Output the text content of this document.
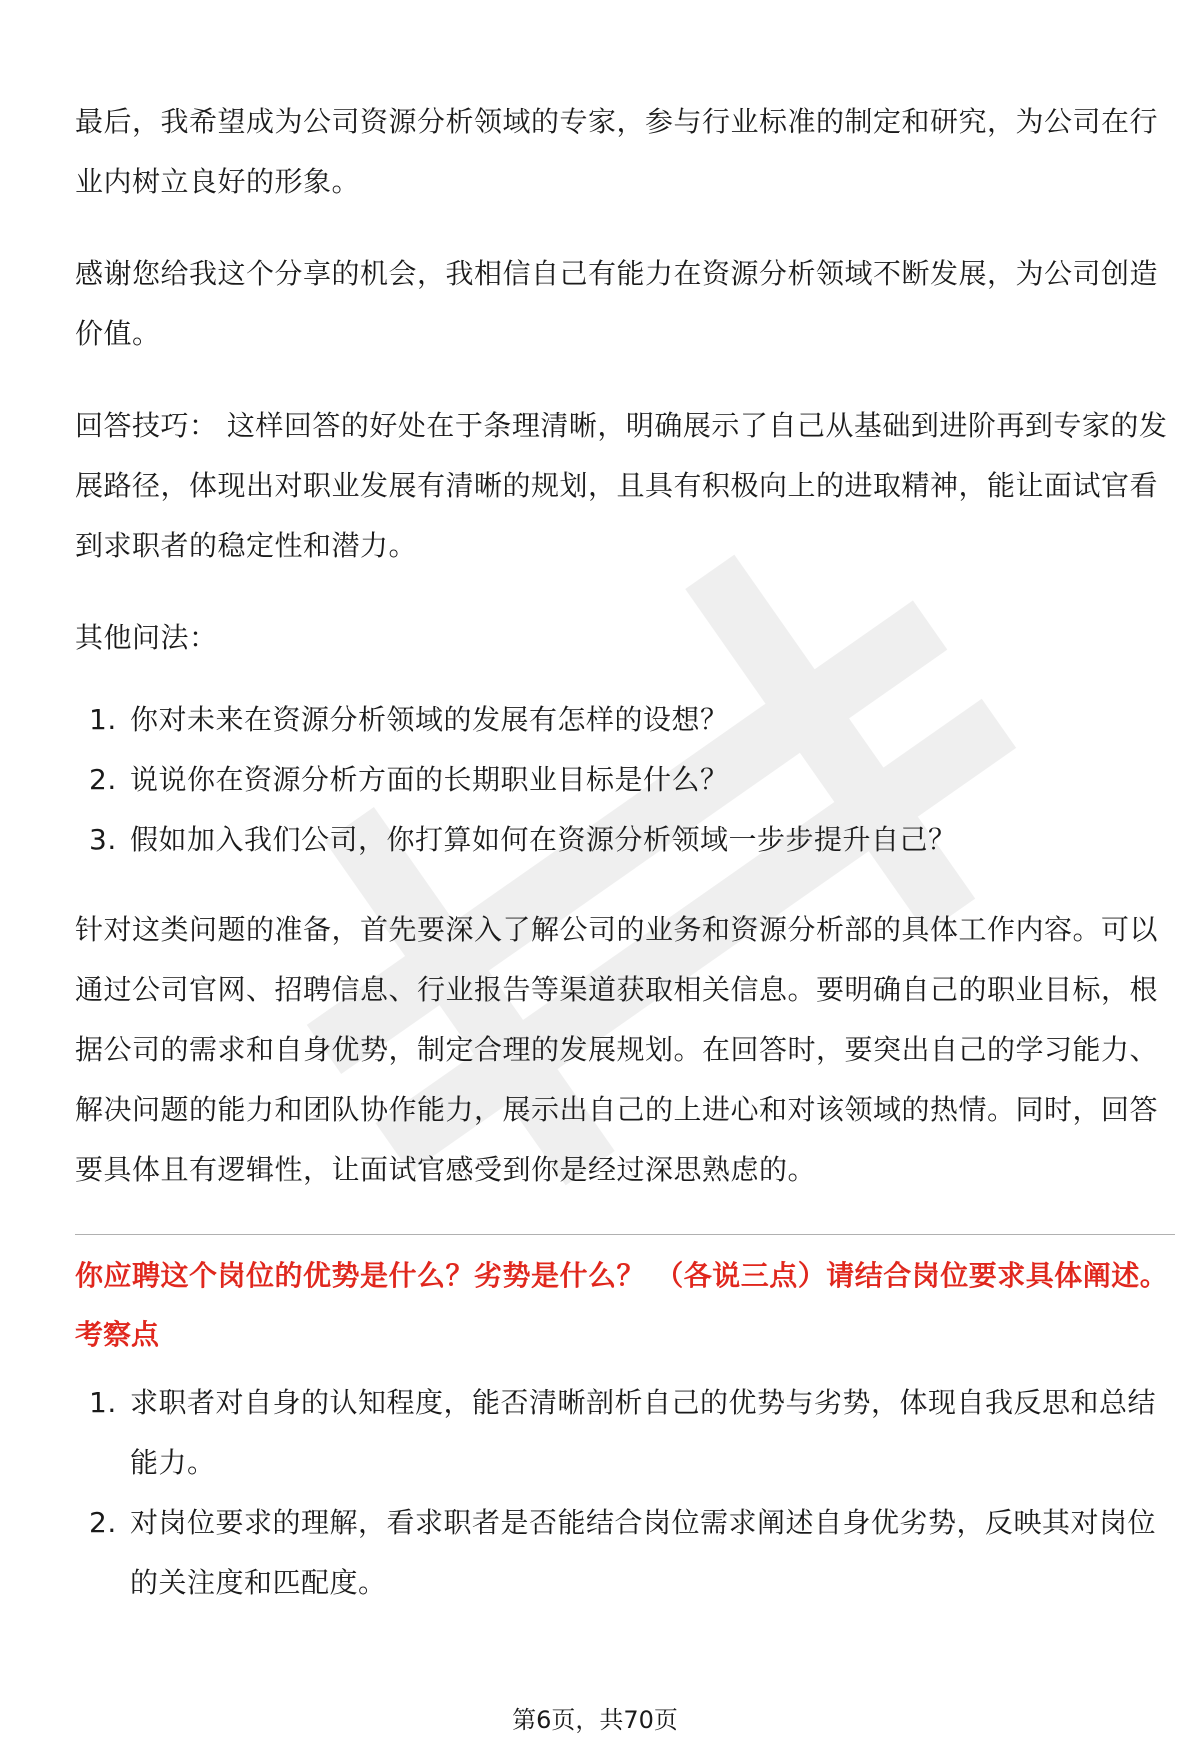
最后，我希望成为公司资源分析领域的专家，参与行业标准的制定和研究，为公司在行业内树立良好的形象。

感谢您给我这个分享的机会，我相信自己有能力在资源分析领域不断发展，为公司创造价值。

回答技巧： 这样回答的好处在于条理清晰，明确展示了自己从基础到进阶再到专家的发展路径，体现出对职业发展有清晰的规划，且具有积极向上的进取精神，能让面试官看到求职者的稳定性和潜力。

其他问法：

1. 你对未来在资源分析领域的发展有怎样的设想？
2. 说说你在资源分析方面的长期职业目标是什么？
3. 假如加入我们公司，你打算如何在资源分析领域一步步提升自己？

针对这类问题的准备，首先要深入了解公司的业务和资源分析部的具体工作内容。可以通过公司官网、招聘信息、行业报告等渠道获取相关信息。要明确自己的职业目标，根据公司的需求和自身优势，制定合理的发展规划。在回答时，要突出自己的学习能力、解决问题的能力和团队协作能力，展示出自己的上进心和对该领域的热情。同时，回答要具体且有逻辑性，让面试官感受到你是经过深思熟虑的。

你应聘这个岗位的优势是什么？劣势是什么？ （各说三点）请结合岗位要求具体阐述。
考察点
1. 求职者对自身的认知程度，能否清晰剖析自己的优势与劣势，体现自我反思和总结能力。
2. 对岗位要求的理解，看求职者是否能结合岗位需求阐述自身优劣势，反映其对岗位的关注度和匹配度。
第6页，共70页
